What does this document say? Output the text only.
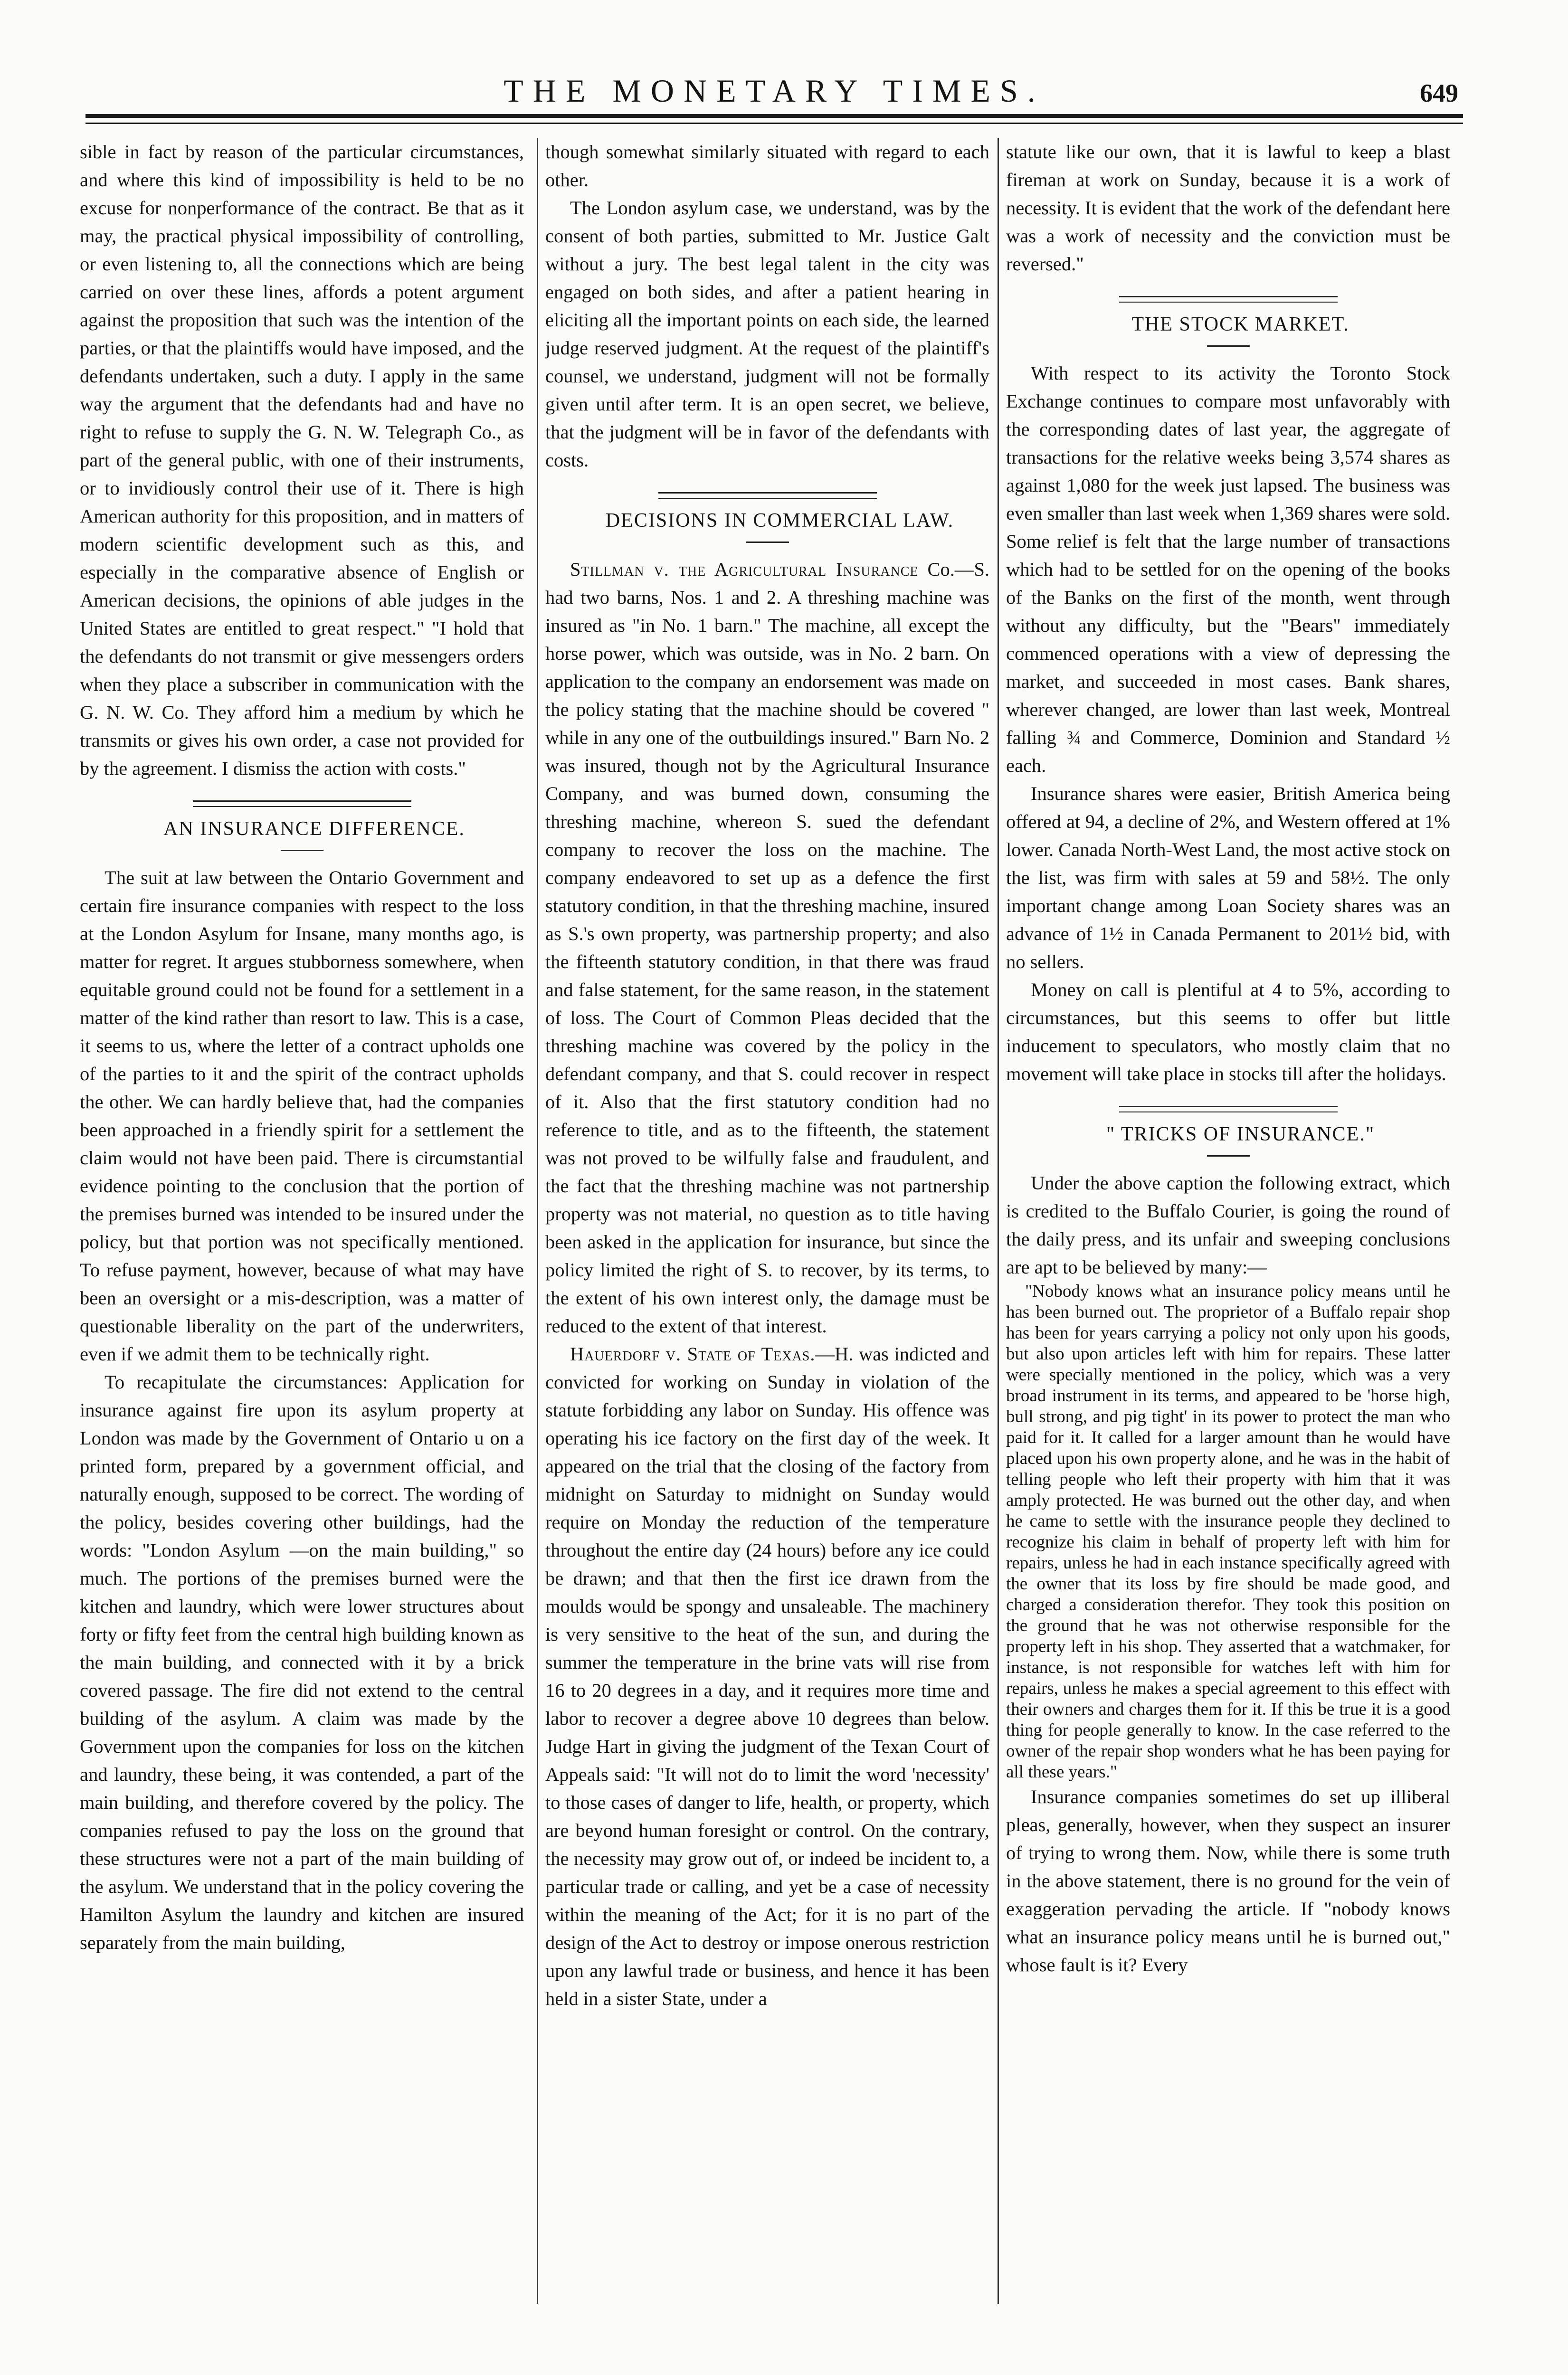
THE MONETARY TIMES.	649

sible in fact by reason of the particular circumstances, and where this kind of impossibility is held to be no excuse for nonperformance of the contract. Be that as it may, the practical physical impossibility of controlling, or even listening to, all the connections which are being carried on over these lines, affords a potent argument against the proposition that such was the intention of the parties, or that the plaintiffs would have imposed, and the defendants undertaken, such a duty. I apply in the same way the argument that the defendants had and have no right to refuse to supply the G. N. W. Telegraph Co., as part of the general public, with one of their instruments, or to invidiously control their use of it. There is high American authority for this proposition, and in matters of modern scientific development such as this, and especially in the comparative absence of English or American decisions, the opinions of able judges in the United States are entitled to great respect." "I hold that the defendants do not transmit or give messengers orders when they place a subscriber in communication with the G. N. W. Co. They afford him a medium by which he transmits or gives his own order, a case not provided for by the agreement. I dismiss the action with costs."

AN INSURANCE DIFFERENCE.

The suit at law between the Ontario Government and certain fire insurance companies with respect to the loss at the London Asylum for Insane, many months ago, is matter for regret. It argues stubborness somewhere, when equitable ground could not be found for a settlement in a matter of the kind rather than resort to law. This is a case, it seems to us, where the letter of a contract upholds one of the parties to it and the spirit of the contract upholds the other. We can hardly believe that, had the companies been approached in a friendly spirit for a settlement the claim would not have been paid. There is circumstantial evidence pointing to the conclusion that the portion of the premises burned was intended to be insured under the policy, but that portion was not specifically mentioned. To refuse payment, however, because of what may have been an oversight or a mis-description, was a matter of questionable liberality on the part of the underwriters, even if we admit them to be technically right.

To recapitulate the circumstances: Application for insurance against fire upon its asylum property at London was made by the Government of Ontario u on a printed form, prepared by a government official, and naturally enough, supposed to be correct. The wording of the policy, besides covering other buildings, had the words: "London Asylum —on the main building," so much. The portions of the premises burned were the kitchen and laundry, which were lower structures about forty or fifty feet from the central high building known as the main building, and connected with it by a brick covered passage. The fire did not extend to the central building of the asylum. A claim was made by the Government upon the companies for loss on the kitchen and laundry, these being, it was contended, a part of the main building, and therefore covered by the policy. The companies refused to pay the loss on the ground that these structures were not a part of the main building of the asylum. We understand that in the policy covering the Hamilton Asylum the laundry and kitchen are insured separately from the main building,

though somewhat similarly situated with regard to each other.

The London asylum case, we understand, was by the consent of both parties, submitted to Mr. Justice Galt without a jury. The best legal talent in the city was engaged on both sides, and after a patient hearing in eliciting all the important points on each side, the learned judge reserved judgment. At the request of the plaintiff's counsel, we understand, judgment will not be formally given until after term. It is an open secret, we believe, that the judgment will be in favor of the defendants with costs.

DECISIONS IN COMMERCIAL LAW.

Stillman v. the Agricultural Insurance Co.—S. had two barns, Nos. 1 and 2. A threshing machine was insured as "in No. 1 barn." The machine, all except the horse power, which was outside, was in No. 2 barn. On application to the company an endorsement was made on the policy stating that the machine should be covered " while in any one of the outbuildings insured." Barn No. 2 was insured, though not by the Agricultural Insurance Company, and was burned down, consuming the threshing machine, whereon S. sued the defendant company to recover the loss on the machine. The company endeavored to set up as a defence the first statutory condition, in that the threshing machine, insured as S.'s own property, was partnership property; and also the fifteenth statutory condition, in that there was fraud and false statement, for the same reason, in the statement of loss. The Court of Common Pleas decided that the threshing machine was covered by the policy in the defendant company, and that S. could recover in respect of it. Also that the first statutory condition had no reference to title, and as to the fifteenth, the statement was not proved to be wilfully false and fraudulent, and the fact that the threshing machine was not partnership property was not material, no question as to title having been asked in the application for insurance, but since the policy limited the right of S. to recover, by its terms, to the extent of his own interest only, the damage must be reduced to the extent of that interest.

Hauerdorf v. State of Texas.—H. was indicted and convicted for working on Sunday in violation of the statute forbidding any labor on Sunday. His offence was operating his ice factory on the first day of the week. It appeared on the trial that the closing of the factory from midnight on Saturday to midnight on Sunday would require on Monday the reduction of the temperature throughout the entire day (24 hours) before any ice could be drawn; and that then the first ice drawn from the moulds would be spongy and unsaleable. The machinery is very sensitive to the heat of the sun, and during the summer the temperature in the brine vats will rise from 16 to 20 degrees in a day, and it requires more time and labor to recover a degree above 10 degrees than below. Judge Hart in giving the judgment of the Texan Court of Appeals said: "It will not do to limit the word 'necessity' to those cases of danger to life, health, or property, which are beyond human foresight or control. On the contrary, the necessity may grow out of, or indeed be incident to, a particular trade or calling, and yet be a case of necessity within the meaning of the Act; for it is no part of the design of the Act to destroy or impose onerous restriction upon any lawful trade or business, and hence it has been held in a sister State, under a

statute like our own, that it is lawful to keep a blast fireman at work on Sunday, because it is a work of necessity. It is evident that the work of the defendant here was a work of necessity and the conviction must be reversed."

THE STOCK MARKET.

With respect to its activity the Toronto Stock Exchange continues to compare most unfavorably with the corresponding dates of last year, the aggregate of transactions for the relative weeks being 3,574 shares as against 1,080 for the week just lapsed. The business was even smaller than last week when 1,369 shares were sold. Some relief is felt that the large number of transactions which had to be settled for on the opening of the books of the Banks on the first of the month, went through without any difficulty, but the "Bears" immediately commenced operations with a view of depressing the market, and succeeded in most cases. Bank shares, wherever changed, are lower than last week, Montreal falling ¾ and Commerce, Dominion and Standard ½ each.

Insurance shares were easier, British America being offered at 94, a decline of 2%, and Western offered at 1% lower. Canada North-West Land, the most active stock on the list, was firm with sales at 59 and 58½. The only important change among Loan Society shares was an advance of 1½ in Canada Permanent to 201½ bid, with no sellers.

Money on call is plentiful at 4 to 5%, according to circumstances, but this seems to offer but little inducement to speculators, who mostly claim that no movement will take place in stocks till after the holidays.

" TRICKS OF INSURANCE."

Under the above caption the following extract, which is credited to the Buffalo Courier, is going the round of the daily press, and its unfair and sweeping conclusions are apt to be believed by many:—

"Nobody knows what an insurance policy means until he has been burned out. The proprietor of a Buffalo repair shop has been for years carrying a policy not only upon his goods, but also upon articles left with him for repairs. These latter were specially mentioned in the policy, which was a very broad instrument in its terms, and appeared to be 'horse high, bull strong, and pig tight' in its power to protect the man who paid for it. It called for a larger amount than he would have placed upon his own property alone, and he was in the habit of telling people who left their property with him that it was amply protected. He was burned out the other day, and when he came to settle with the insurance people they declined to recognize his claim in behalf of property left with him for repairs, unless he had in each instance specifically agreed with the owner that its loss by fire should be made good, and charged a consideration therefor. They took this position on the ground that he was not otherwise responsible for the property left in his shop. They asserted that a watchmaker, for instance, is not responsible for watches left with him for repairs, unless he makes a special agreement to this effect with their owners and charges them for it. If this be true it is a good thing for people generally to know. In the case referred to the owner of the repair shop wonders what he has been paying for all these years."

Insurance companies sometimes do set up illiberal pleas, generally, however, when they suspect an insurer of trying to wrong them. Now, while there is some truth in the above statement, there is no ground for the vein of exaggeration pervading the article. If "nobody knows what an insurance policy means until he is burned out," whose fault is it? Every
